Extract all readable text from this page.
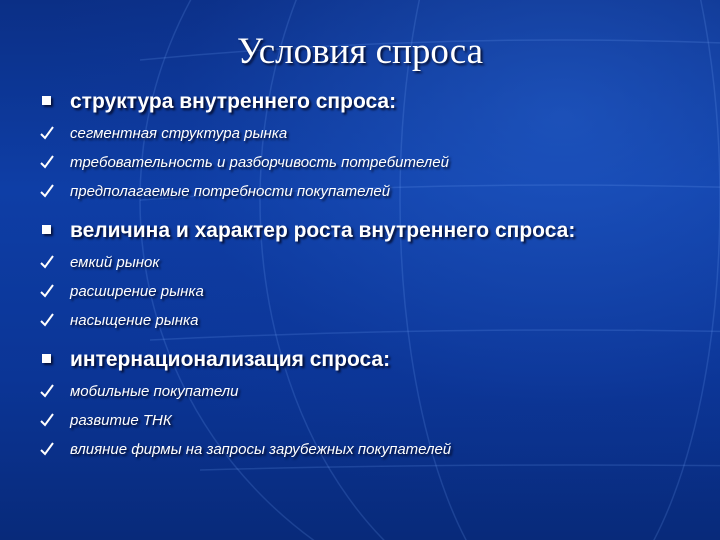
Условия спроса
структура внутреннего спроса:
сегментная структура рынка
требовательность и разборчивость потребителей
предполагаемые потребности покупателей
величина и характер роста внутреннего спроса:
емкий рынок
расширение рынка
насыщение рынка
интернационализация спроса:
мобильные покупатели
развитие ТНК
влияние фирмы на запросы зарубежных покупателей
